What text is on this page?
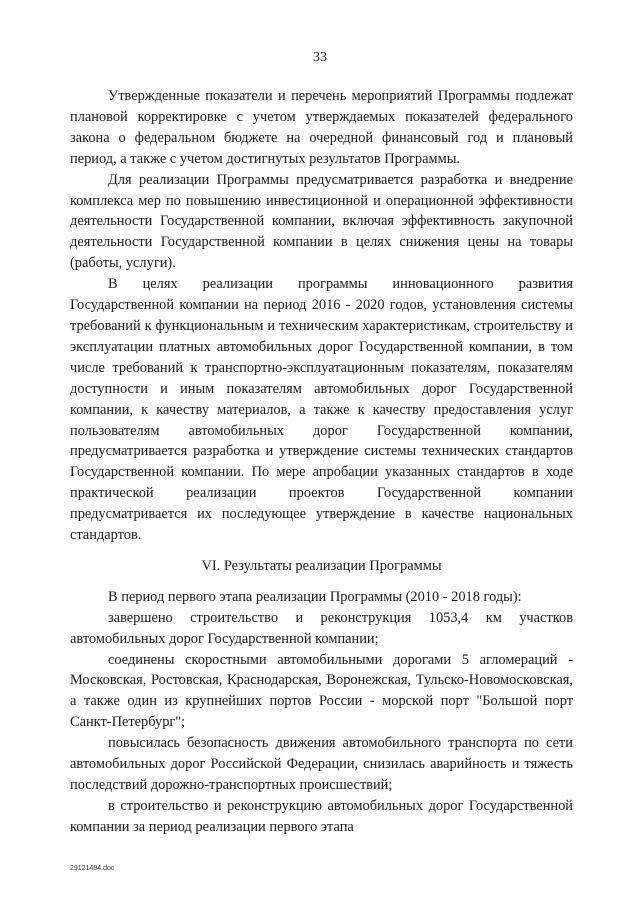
33

Утвержденные показатели и перечень мероприятий Программы подлежат плановой корректировке с учетом утверждаемых показателей федерального закона о федеральном бюджете на очередной финансовый год и плановый период, а также с учетом достигнутых результатов Программы.

Для реализации Программы предусматривается разработка и внедрение комплекса мер по повышению инвестиционной и операционной эффективности деятельности Государственной компании, включая эффективность закупочной деятельности Государственной компании в целях снижения цены на товары (работы, услуги).

В целях реализации программы инновационного развития Государственной компании на период 2016 - 2020 годов, установления системы требований к функциональным и техническим характеристикам, строительству и эксплуатации платных автомобильных дорог Государственной компании, в том числе требований к транспортно-эксплуатационным показателям, показателям доступности и иным показателям автомобильных дорог Государственной компании, к качеству материалов, а также к качеству предоставления услуг пользователям автомобильных дорог Государственной компании, предусматривается разработка и утверждение системы технических стандартов Государственной компании. По мере апробации указанных стандартов в ходе практической реализации проектов Государственной компании предусматривается их последующее утверждение в качестве национальных стандартов.

VI. Результаты реализации Программы

В период первого этапа реализации Программы (2010 - 2018 годы):

завершено строительство и реконструкция 1053,4 км участков автомобильных дорог Государственной компании;

соединены скоростными автомобильными дорогами 5 агломераций - Московская, Ростовская, Краснодарская, Воронежская, Тульско-Новомосковская, а также один из крупнейших портов России - морской порт "Большой порт Санкт-Петербург";

повысилась безопасность движения автомобильного транспорта по сети автомобильных дорог Российской Федерации, снизилась аварийность и тяжесть последствий дорожно-транспортных происшествий;

в строительство и реконструкцию автомобильных дорог Государственной компании за период реализации первого этапа

29121484.doc
